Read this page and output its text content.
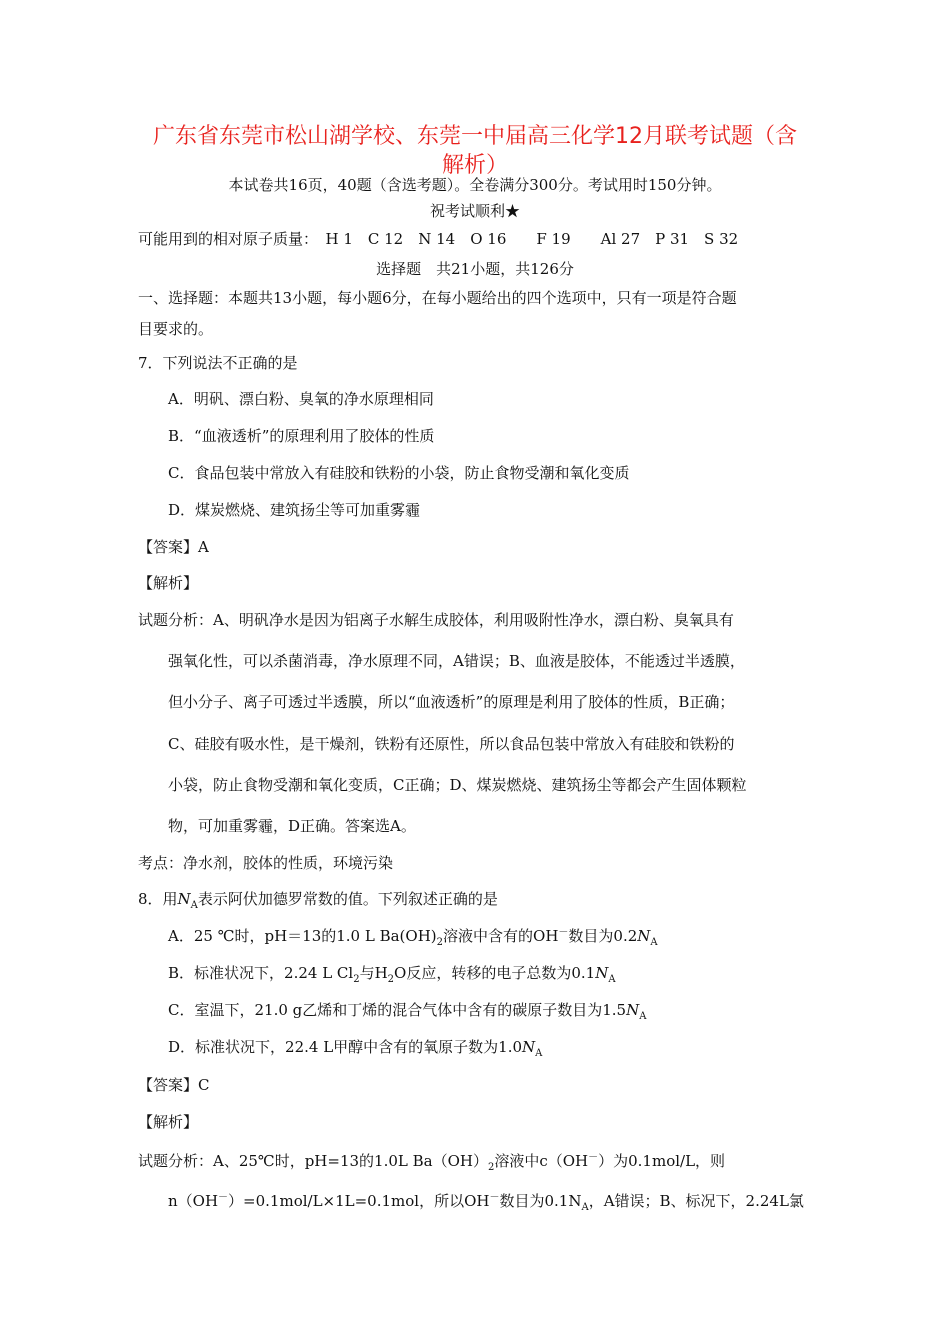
广东省东莞市松山湖学校、东莞一中届高三化学12月联考试题（含
解析）
本试卷共16页，40题（含选考题）。全卷满分300分。考试用时150分钟。
祝考试顺利★
可能用到的相对原子质量：　H 1　C 12　N 14　O 16　　F 19　　Al 27　P 31　S 32
选择题　共21小题，共126分
一、选择题：本题共13小题，每小题6分，在每小题给出的四个选项中，只有一项是符合题
目要求的。
7．下列说法不正确的是
A．明矾、漂白粉、臭氧的净水原理相同
B．“血液透析”的原理利用了胶体的性质
C．食品包装中常放入有硅胶和铁粉的小袋，防止食物受潮和氧化变质
D．煤炭燃烧、建筑扬尘等可加重雾霾
【答案】A
【解析】
试题分析：A、明矾净水是因为铝离子水解生成胶体，利用吸附性净水，漂白粉、臭氧具有
强氧化性，可以杀菌消毒，净水原理不同，A错误；B、血液是胶体，不能透过半透膜，
但小分子、离子可透过半透膜，所以“血液透析”的原理是利用了胶体的性质，B正确；
C、硅胶有吸水性，是干燥剂，铁粉有还原性，所以食品包装中常放入有硅胶和铁粉的
小袋，防止食物受潮和氧化变质，C正确；D、煤炭燃烧、建筑扬尘等都会产生固体颗粒
物，可加重雾霾，D正确。答案选A。
考点：净水剂，胶体的性质，环境污染
8．用$N_A$表示阿伏加德罗常数的值。下列叙述正确的是
A．25 ℃时，pH＝13的1.0 L $Ba(OH)_2$溶液中含有的OH－数目为$0.2N_A$
B．标准状况下，2.24 L $Cl_2$与$H_2O$反应，转移的电子总数为$0.1N_A$
C．室温下，21.0 g乙烯和丁烯的混合气体中含有的碳原子数目为$1.5N_A$
D．标准状况下，22.4 L甲醇中含有的氧原子数为$1.0N_A$
【答案】C
【解析】
试题分析：A、25℃时，pH=13的1.0L $Ba(OH)_2$溶液中c（OH－）为0.1mol/L，则
n（OH－）=0.1mol/L×1L=0.1mol，所以OH－数目为$0.1N_A$，A错误；B、标况下，2.24L氯
